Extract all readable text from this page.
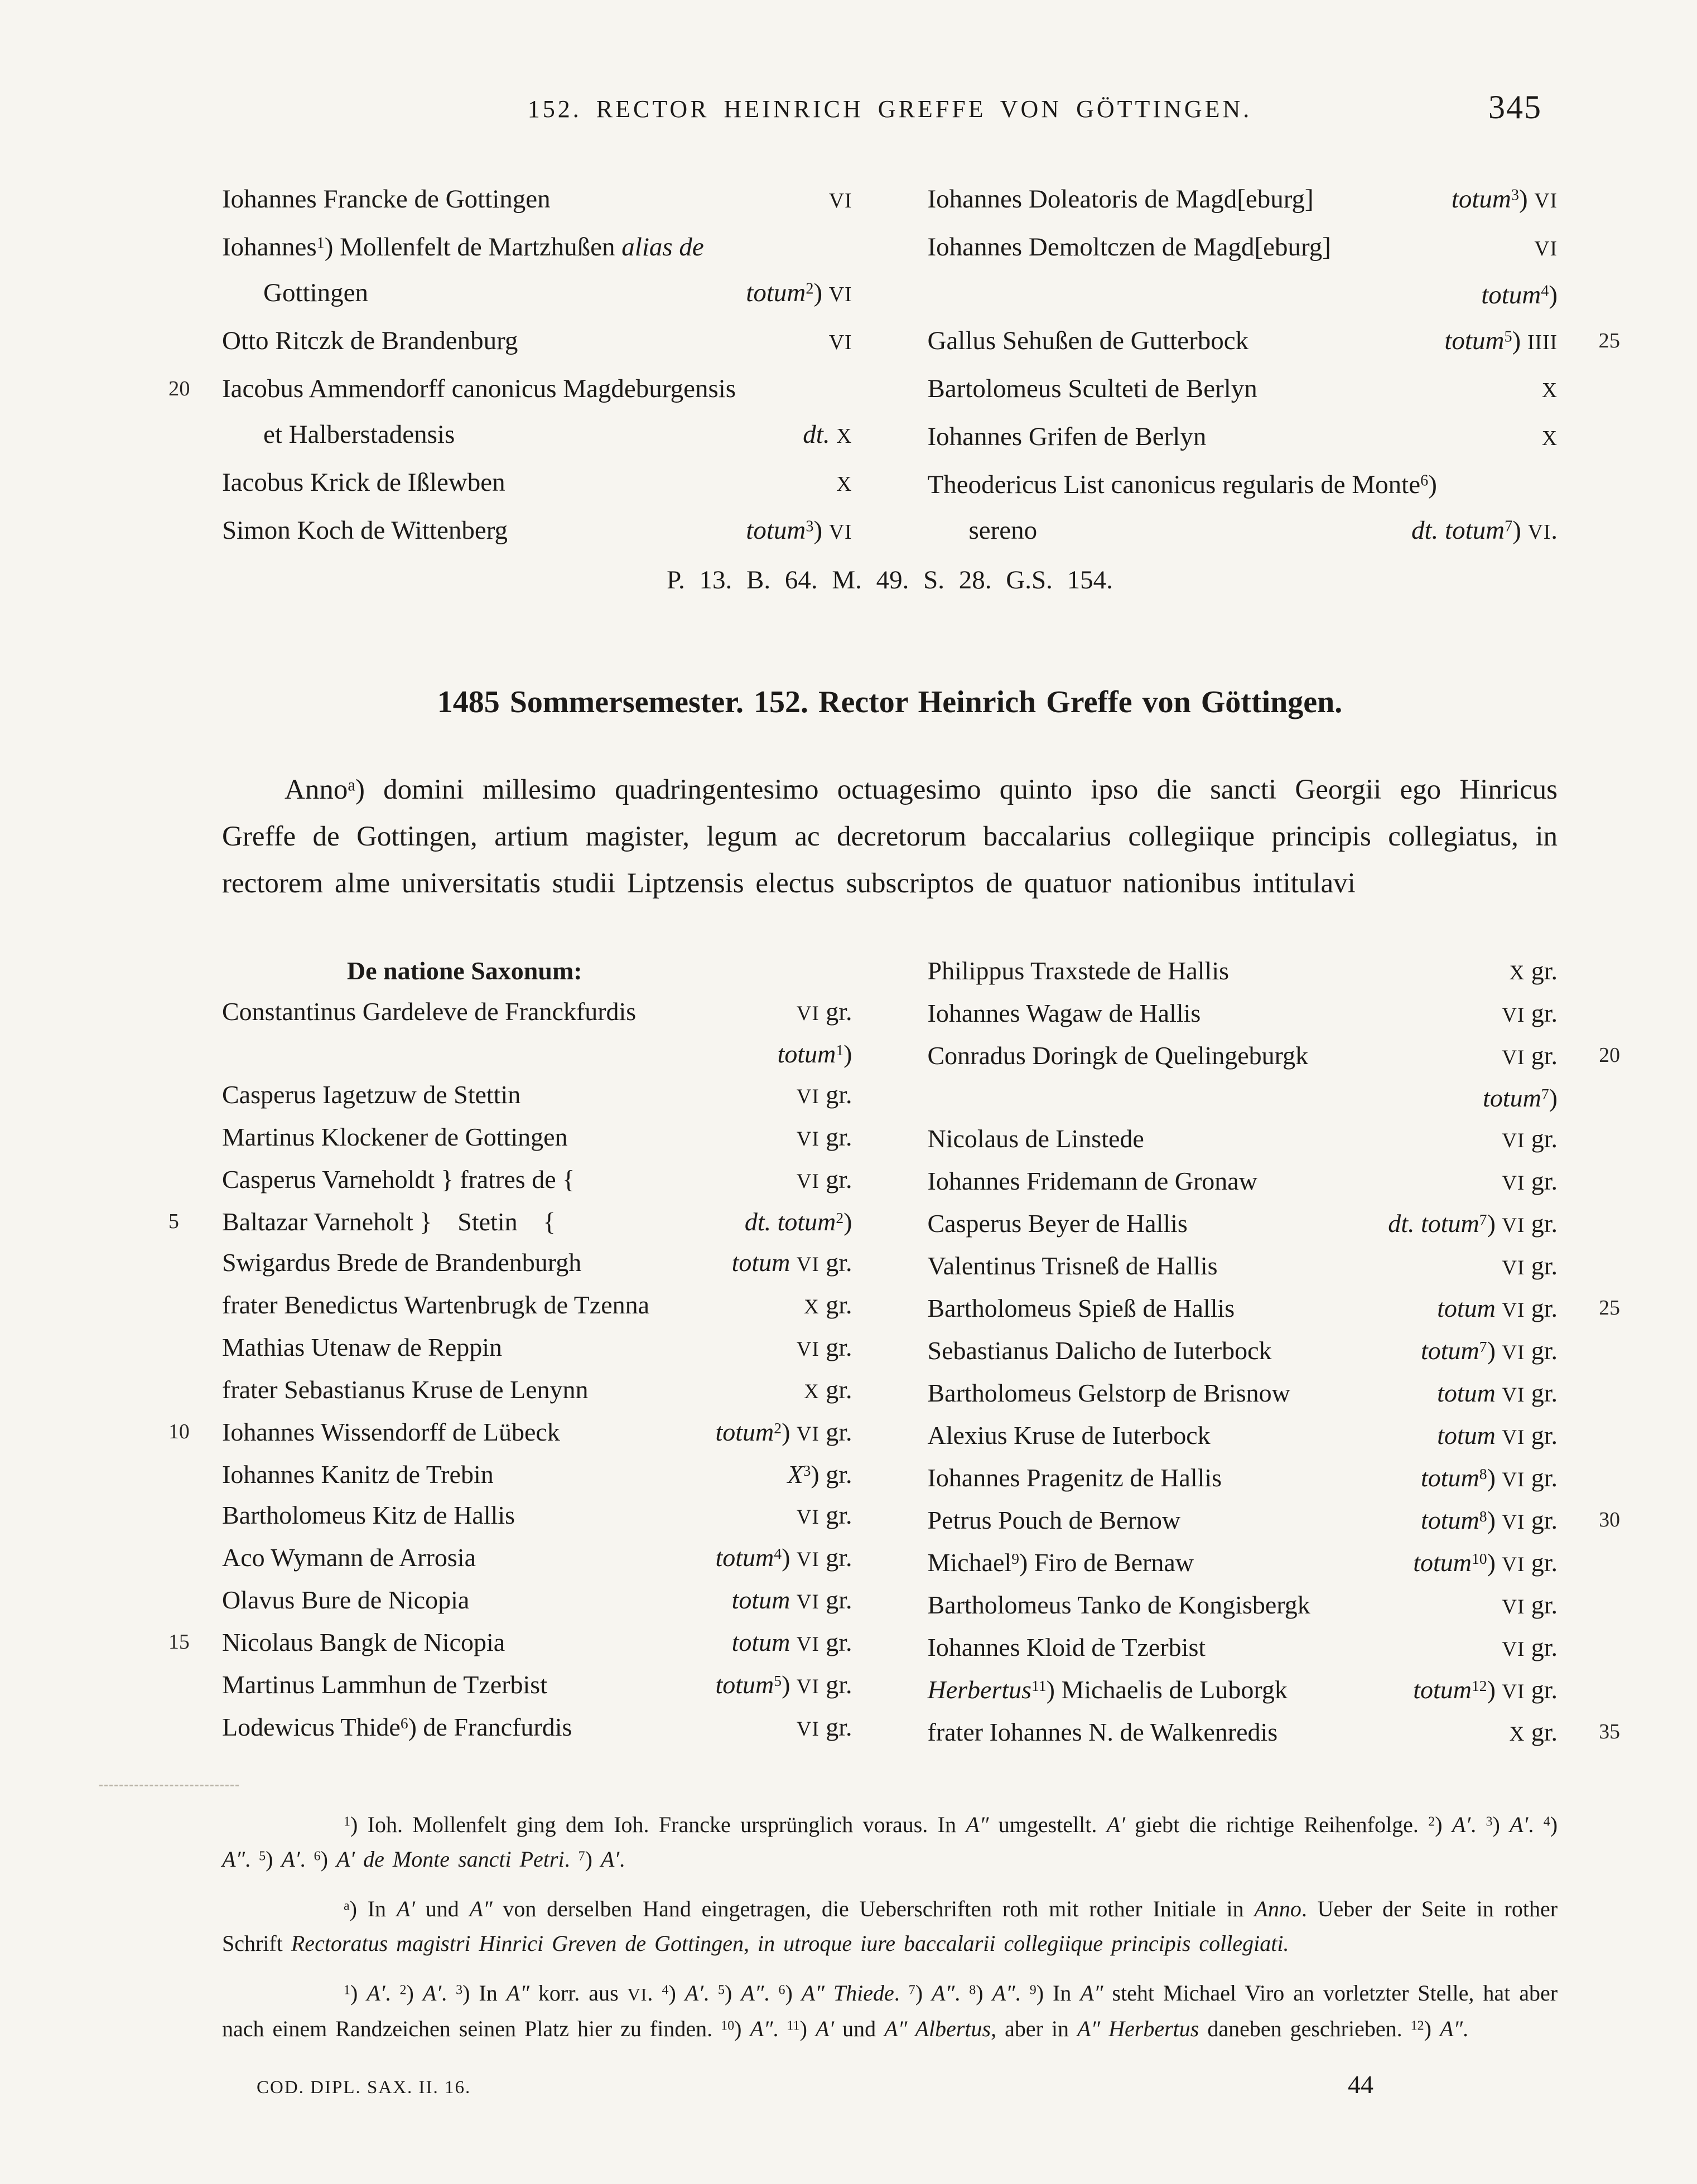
152. RECTOR HEINRICH GREFFE VON GÖTTINGEN.	345
Iohannes Francke de Gottingen	VI
Iohannes$^1$) Mollenfelt de Martzhußen alias de
Gottingen	totum$^2$) VI
Otto Ritczk de Brandenburg	VI
20 Iacobus Ammendorff canonicus Magdeburgensis
et Halberstadensis	dt. X
Iacobus Krick de Ißlewben	X
Simon Koch de Wittenberg	totum$^3$) VI
Iohannes Doleatoris de Magd[eburg]	totum$^3$) VI
Iohannes Demoltczen de Magd[eburg]	VI
totum$^4$)
25
Gallus Sehußen de Gutterbock	totum$^5$) IIII
Bartolomeus Sculteti de Berlyn	X
Iohannes Grifen de Berlyn	X
Theodericus List canonicus regularis de Monte$^6$)
sereno	dt. totum$^7$) VI.
P. 13. B. 64. M. 49. S. 28. G.S. 154.
1485 Sommersemester. 152. Rector Heinrich Greffe von Göttingen.

Anno$^a$) domini millesimo quadringentesimo octuagesimo quinto ipso die sancti Georgii ego Hinricus Greffe de Gottingen, artium magister, legum ac decretorum baccalarius collegiique principis collegiatus, in rectorem alme universitatis studii Liptzensis electus subscriptos de quatuor nationibus intitulavi

De natione Saxonum:
Constantinus Gardeleve de Franckfurdis	VI gr.
totum$^1$)
Casperus Iagetzuw de Stettin	VI gr.
Martinus Klockener de Gottingen	VI gr.
Casperus Varneholdt } fratres de {	VI gr.
5 Baltazar Varneholt }    Stetin    {	dt. totum$^2$)
Swigardus Brede de Brandenburgh	totum VI gr.
frater Benedictus Wartenbrugk de Tzenna	X gr.
Mathias Utenaw de Reppin	VI gr.
frater Sebastianus Kruse de Lenynn	X gr.
10 Iohannes Wissendorff de Lübeck	totum$^2$) VI gr.
Iohannes Kanitz de Trebin	$X^3$) gr.
Bartholomeus Kitz de Hallis	VI gr.
Aco Wymann de Arrosia	totum$^4$) VI gr.
Olavus Bure de Nicopia	totum VI gr.
15 Nicolaus Bangk de Nicopia	totum VI gr.
Martinus Lammhun de Tzerbist	totum$^5$) VI gr.
Lodewicus Thide$^6$) de Francfurdis	VI gr.
Philippus Traxstede de Hallis	X gr.
Iohannes Wagaw de Hallis	VI gr.
20
Conradus Doringk de Quelingeburgk	VI gr.
totum$^7$)
Nicolaus de Linstede	VI gr.
Iohannes Fridemann de Gronaw	VI gr.
Casperus Beyer de Hallis	dt. totum$^7$) VI gr.
Valentinus Trisneß de Hallis	VI gr.
25
Bartholomeus Spieß de Hallis	totum VI gr.
Sebastianus Dalicho de Iuterbock	totum$^7$) VI gr.
Bartholomeus Gelstorp de Brisnow	totum VI gr.
Alexius Kruse de Iuterbock	totum VI gr.
Iohannes Pragenitz de Hallis	totum$^8$) VI gr.
30
Petrus Pouch de Bernow	totum$^8$) VI gr.
Michael$^9$) Firo de Bernaw	totum$^{10}$) VI gr.
Bartholomeus Tanko de Kongisbergk	VI gr.
Iohannes Kloid de Tzerbist	VI gr.
Herbertus$^{11}$) Michaelis de Luborgk	totum$^{12}$) VI gr.
35
frater Iohannes N. de Walkenredis	X gr.

$^1$) Ioh. Mollenfelt ging dem Ioh. Francke ursprünglich voraus. In A″ umgestellt. A′ giebt die richtige Reihenfolge. $^2$) A′. $^3$) A′. $^4$) A″. $^5$) A′. $^6$) A′ de Monte sancti Petri. $^7$) A′.

$^a$) In A′ und A″ von derselben Hand eingetragen, die Ueberschriften roth mit rother Initiale in Anno. Ueber der Seite in rother Schrift Rectoratus magistri Hinrici Greven de Gottingen, in utroque iure baccalarii collegiique principis collegiati.

$^1$) A′. $^2$) A′. $^3$) In A″ korr. aus VI. $^4$) A′. $^5$) A″. $^6$) A″ Thiede. $^7$) A″. $^8$) A″. $^9$) In A″ steht Michael Viro an vorletzter Stelle, hat aber nach einem Randzeichen seinen Platz hier zu finden. $^{10}$) A″. $^{11}$) A′ und A″ Albertus, aber in A″ Herbertus daneben geschrieben. $^{12}$) A″.

COD. DIPL. SAX. II. 16.	44
